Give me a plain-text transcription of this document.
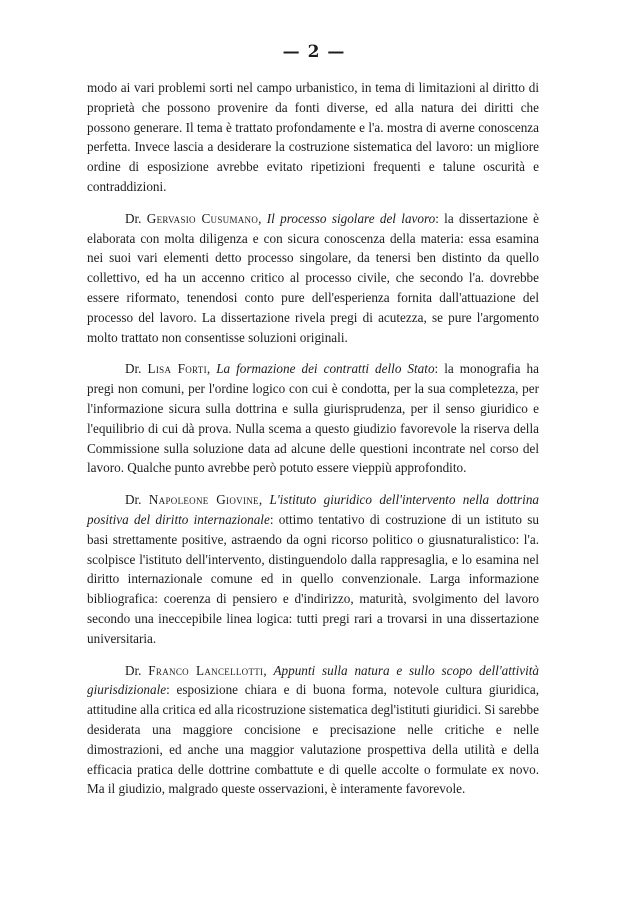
— 2 —

modo ai vari problemi sorti nel campo urbanistico, in tema di limitazioni al diritto di proprietà che possono provenire da fonti diverse, ed alla natura dei diritti che possono generare. Il tema è trattato profondamente e l'a. mostra di averne conoscenza perfetta. Invece lascia a desiderare la costruzione sistematica del lavoro: un migliore ordine di esposizione avrebbe evitato ripetizioni frequenti e talune oscurità e contraddizioni.

Dr. Gervasio Cusumano, Il processo sigolare del lavoro: la dissertazione è elaborata con molta diligenza e con sicura conoscenza della materia: essa esamina nei suoi vari elementi detto processo singolare, da tenersi ben distinto da quello collettivo, ed ha un accenno critico al processo civile, che secondo l'a. dovrebbe essere riformato, tenendosi conto pure dell'esperienza fornita dall'attuazione del processo del lavoro. La dissertazione rivela pregi di acutezza, se pure l'argomento molto trattato non consentisse soluzioni originali.

Dr. Lisa Forti, La formazione dei contratti dello Stato: la monografia ha pregi non comuni, per l'ordine logico con cui è condotta, per la sua completezza, per l'informazione sicura sulla dottrina e sulla giurisprudenza, per il senso giuridico e l'equilibrio di cui dà prova. Nulla scema a questo giudizio favorevole la riserva della Commissione sulla soluzione data ad alcune delle questioni incontrate nel corso del lavoro. Qualche punto avrebbe però potuto essere vieppiù approfondito.

Dr. Napoleone Giovine, L'istituto giuridico dell'intervento nella dottrina positiva del diritto internazionale: ottimo tentativo di costruzione di un istituto su basi strettamente positive, astraendo da ogni ricorso politico o giusnaturalistico: l'a. scolpisce l'istituto dell'intervento, distinguendolo dalla rappresaglia, e lo esamina nel diritto internazionale comune ed in quello convenzionale. Larga informazione bibliografica: coerenza di pensiero e d'indirizzo, maturità, svolgimento del lavoro secondo una ineccepibile linea logica: tutti pregi rari a trovarsi in una dissertazione universitaria.

Dr. Franco Lancellotti, Appunti sulla natura e sullo scopo dell'attività giurisdizionale: esposizione chiara e di buona forma, notevole cultura giuridica, attitudine alla critica ed alla ricostruzione sistematica degl'istituti giuridici. Si sarebbe desiderata una maggiore concisione e precisazione nelle critiche e nelle dimostrazioni, ed anche una maggior valutazione prospettiva della utilità e della efficacia pratica delle dottrine combattute e di quelle accolte o formulate ex novo. Ma il giudizio, malgrado queste osservazioni, è interamente favorevole.
